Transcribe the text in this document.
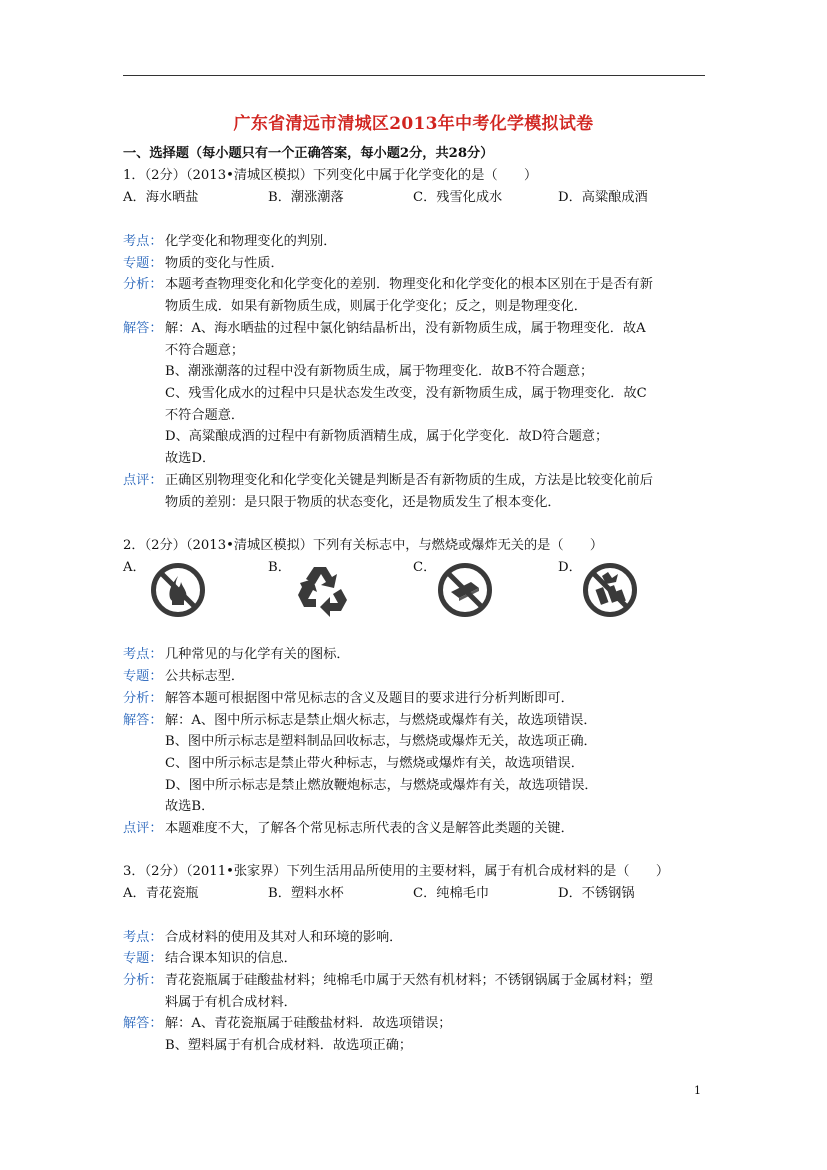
广东省清远市清城区2013年中考化学模拟试卷
一、选择题（每小题只有一个正确答案，每小题2分，共28分）
1．（2分）（2013•清城区模拟）下列变化中属于化学变化的是（　　）
A．海水晒盐	B．潮涨潮落	C．残雪化成水	D．高粱酿成酒
考点： 化学变化和物理变化的判别．
专题： 物质的变化与性质．
分析： 本题考查物理变化和化学变化的差别．物理变化和化学变化的根本区别在于是否有新
物质生成．如果有新物质生成，则属于化学变化；反之，则是物理变化．
解答： 解：A、海水晒盐的过程中氯化钠结晶析出，没有新物质生成，属于物理变化．故A
不符合题意；
B、潮涨潮落的过程中没有新物质生成，属于物理变化．故B不符合题意；
C、残雪化成水的过程中只是状态发生改变，没有新物质生成，属于物理变化．故C
不符合题意．
D、高粱酿成酒的过程中有新物质酒精生成，属于化学变化．故D符合题意；
故选D．
点评： 正确区别物理变化和化学变化关键是判断是否有新物质的生成，方法是比较变化前后
物质的差别：是只限于物质的状态变化，还是物质发生了根本变化．
2．（2分）（2013•清城区模拟）下列有关标志中，与燃烧或爆炸无关的是（　　）
A．	B．	C．	D．
考点： 几种常见的与化学有关的图标．
专题： 公共标志型．
分析： 解答本题可根据图中常见标志的含义及题目的要求进行分析判断即可．
解答： 解：A、图中所示标志是禁止烟火标志，与燃烧或爆炸有关，故选项错误．
B、图中所示标志是塑料制品回收标志，与燃烧或爆炸无关，故选项正确．
C、图中所示标志是禁止带火种标志，与燃烧或爆炸有关，故选项错误．
D、图中所示标志是禁止燃放鞭炮标志，与燃烧或爆炸有关，故选项错误．
故选B．
点评： 本题难度不大，了解各个常见标志所代表的含义是解答此类题的关键．
3．（2分）（2011•张家界）下列生活用品所使用的主要材料，属于有机合成材料的是（　　）
A．青花瓷瓶	B．塑料水杯	C．纯棉毛巾	D．不锈钢锅
考点： 合成材料的使用及其对人和环境的影响．
专题： 结合课本知识的信息．
分析： 青花瓷瓶属于硅酸盐材料；纯棉毛巾属于天然有机材料；不锈钢锅属于金属材料；塑
料属于有机合成材料．
解答： 解：A、青花瓷瓶属于硅酸盐材料．故选项错误；
B、塑料属于有机合成材料．故选项正确；
1
